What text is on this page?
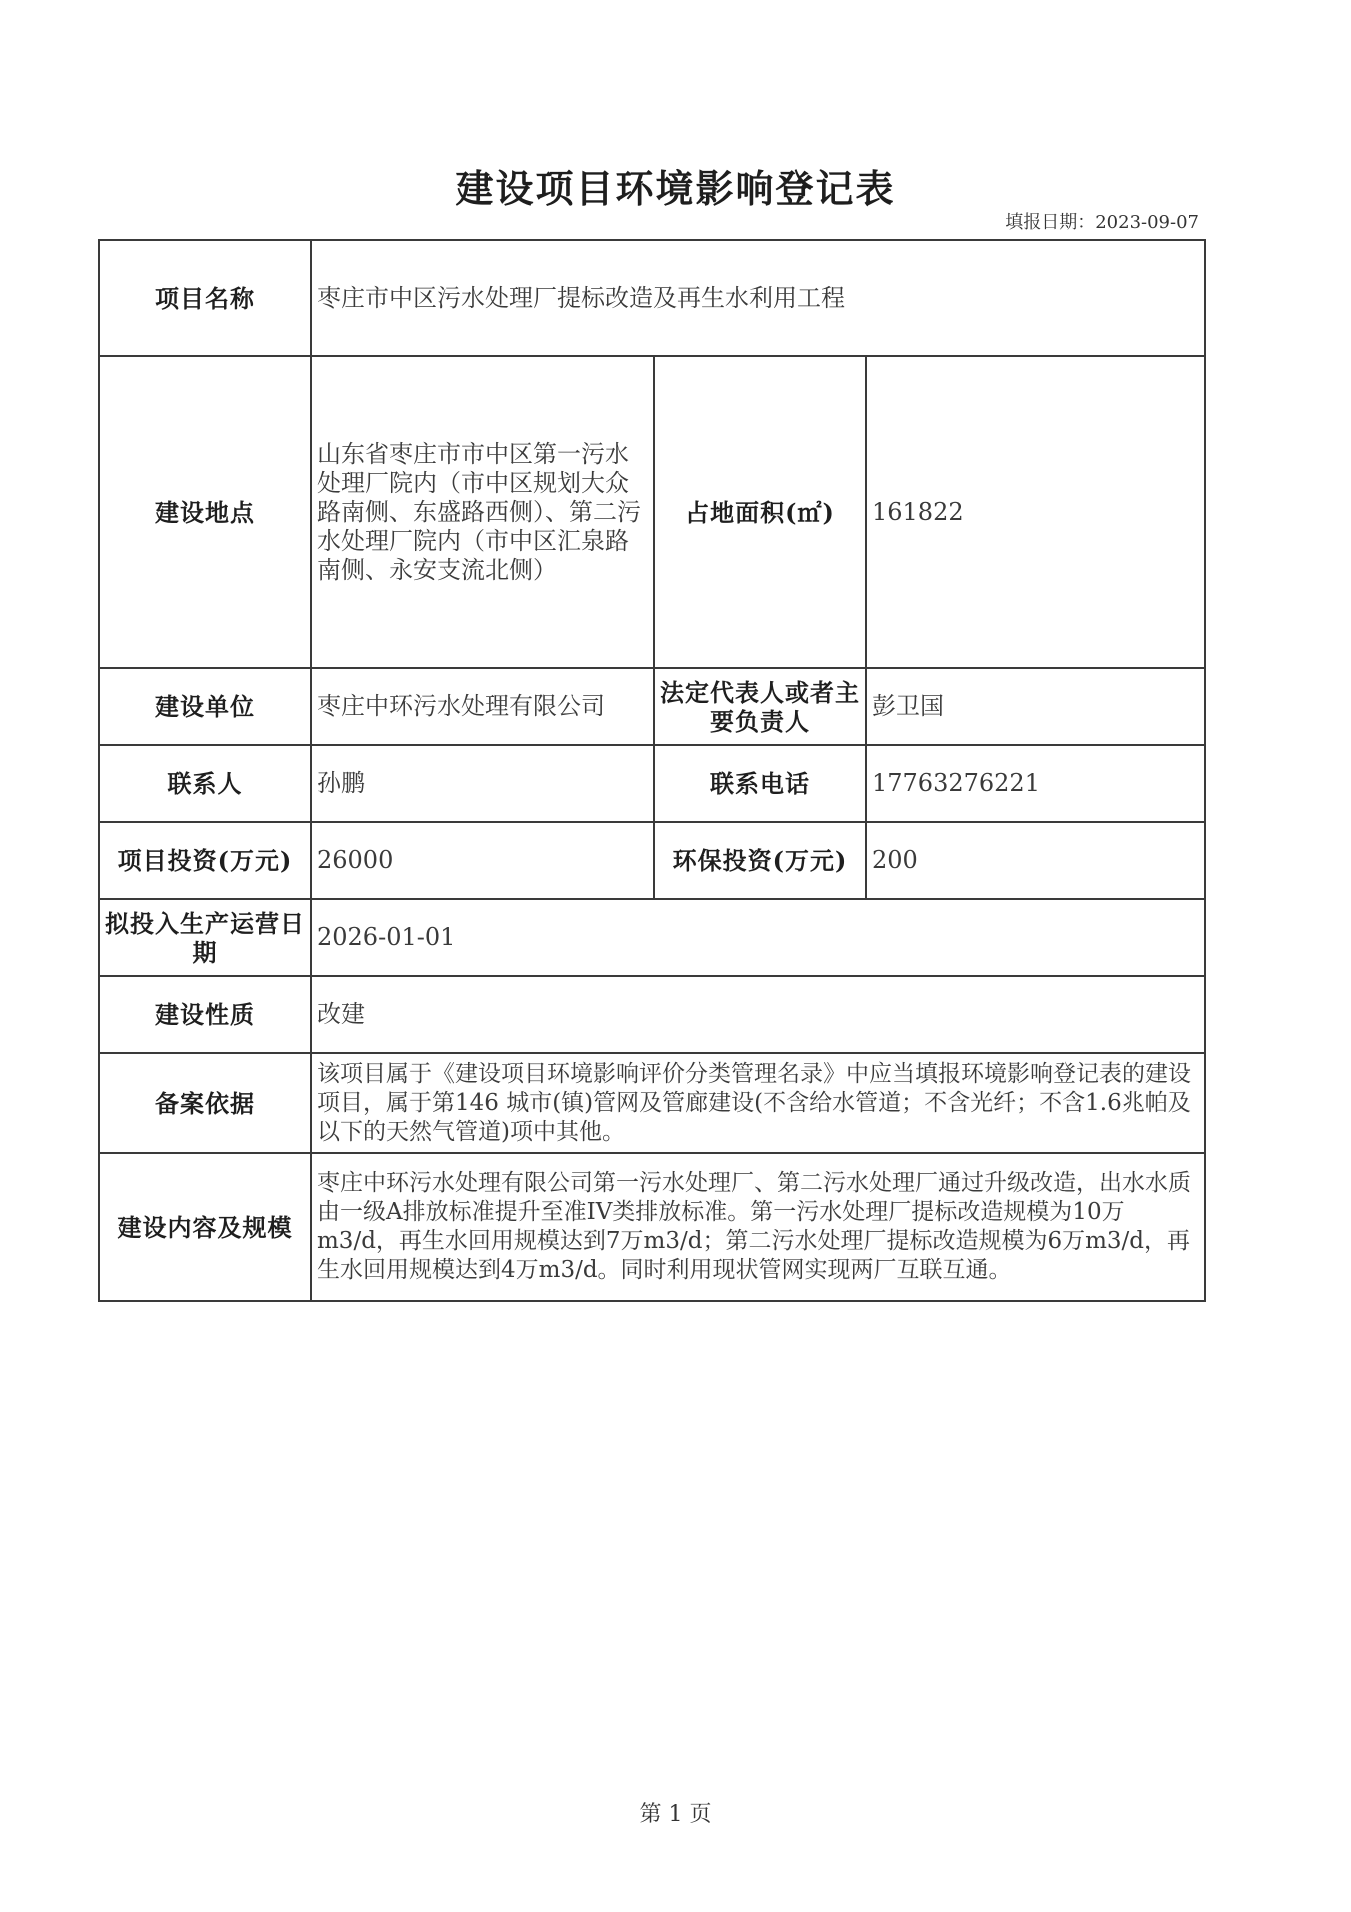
建设项目环境影响登记表
填报日期：2023-09-07
项目名称	枣庄市中区污水处理厂提标改造及再生水利用工程		
建设地点	山东省枣庄市市中区第一污水处理厂院内（市中区规划大众路南侧、东盛路西侧）、第二污水处理厂院内（市中区汇泉路南侧、永安支流北侧）	占地面积(㎡)	161822
建设单位	枣庄中环污水处理有限公司	法定代表人或者主要负责人	彭卫国
联系人	孙鹏	联系电话	17763276221
项目投资(万元)	26000	环保投资(万元)	200
拟投入生产运营日期	2026-01-01		
建设性质	改建		
备案依据	该项目属于《建设项目环境影响评价分类管理名录》中应当填报环境影响登记表的建设项目，属于第146 城市(镇)管网及管廊建设(不含给水管道；不含光纤；不含1.6兆帕及以下的天然气管道)项中其他。		
建设内容及规模	枣庄中环污水处理有限公司第一污水处理厂、第二污水处理厂通过升级改造，出水水质由一级A排放标准提升至准IV类排放标准。第一污水处理厂提标改造规模为10万m3/d，再生水回用规模达到7万m3/d；第二污水处理厂提标改造规模为6万m3/d，再生水回用规模达到4万m3/d。同时利用现状管网实现两厂互联互通。		
第 1 页
